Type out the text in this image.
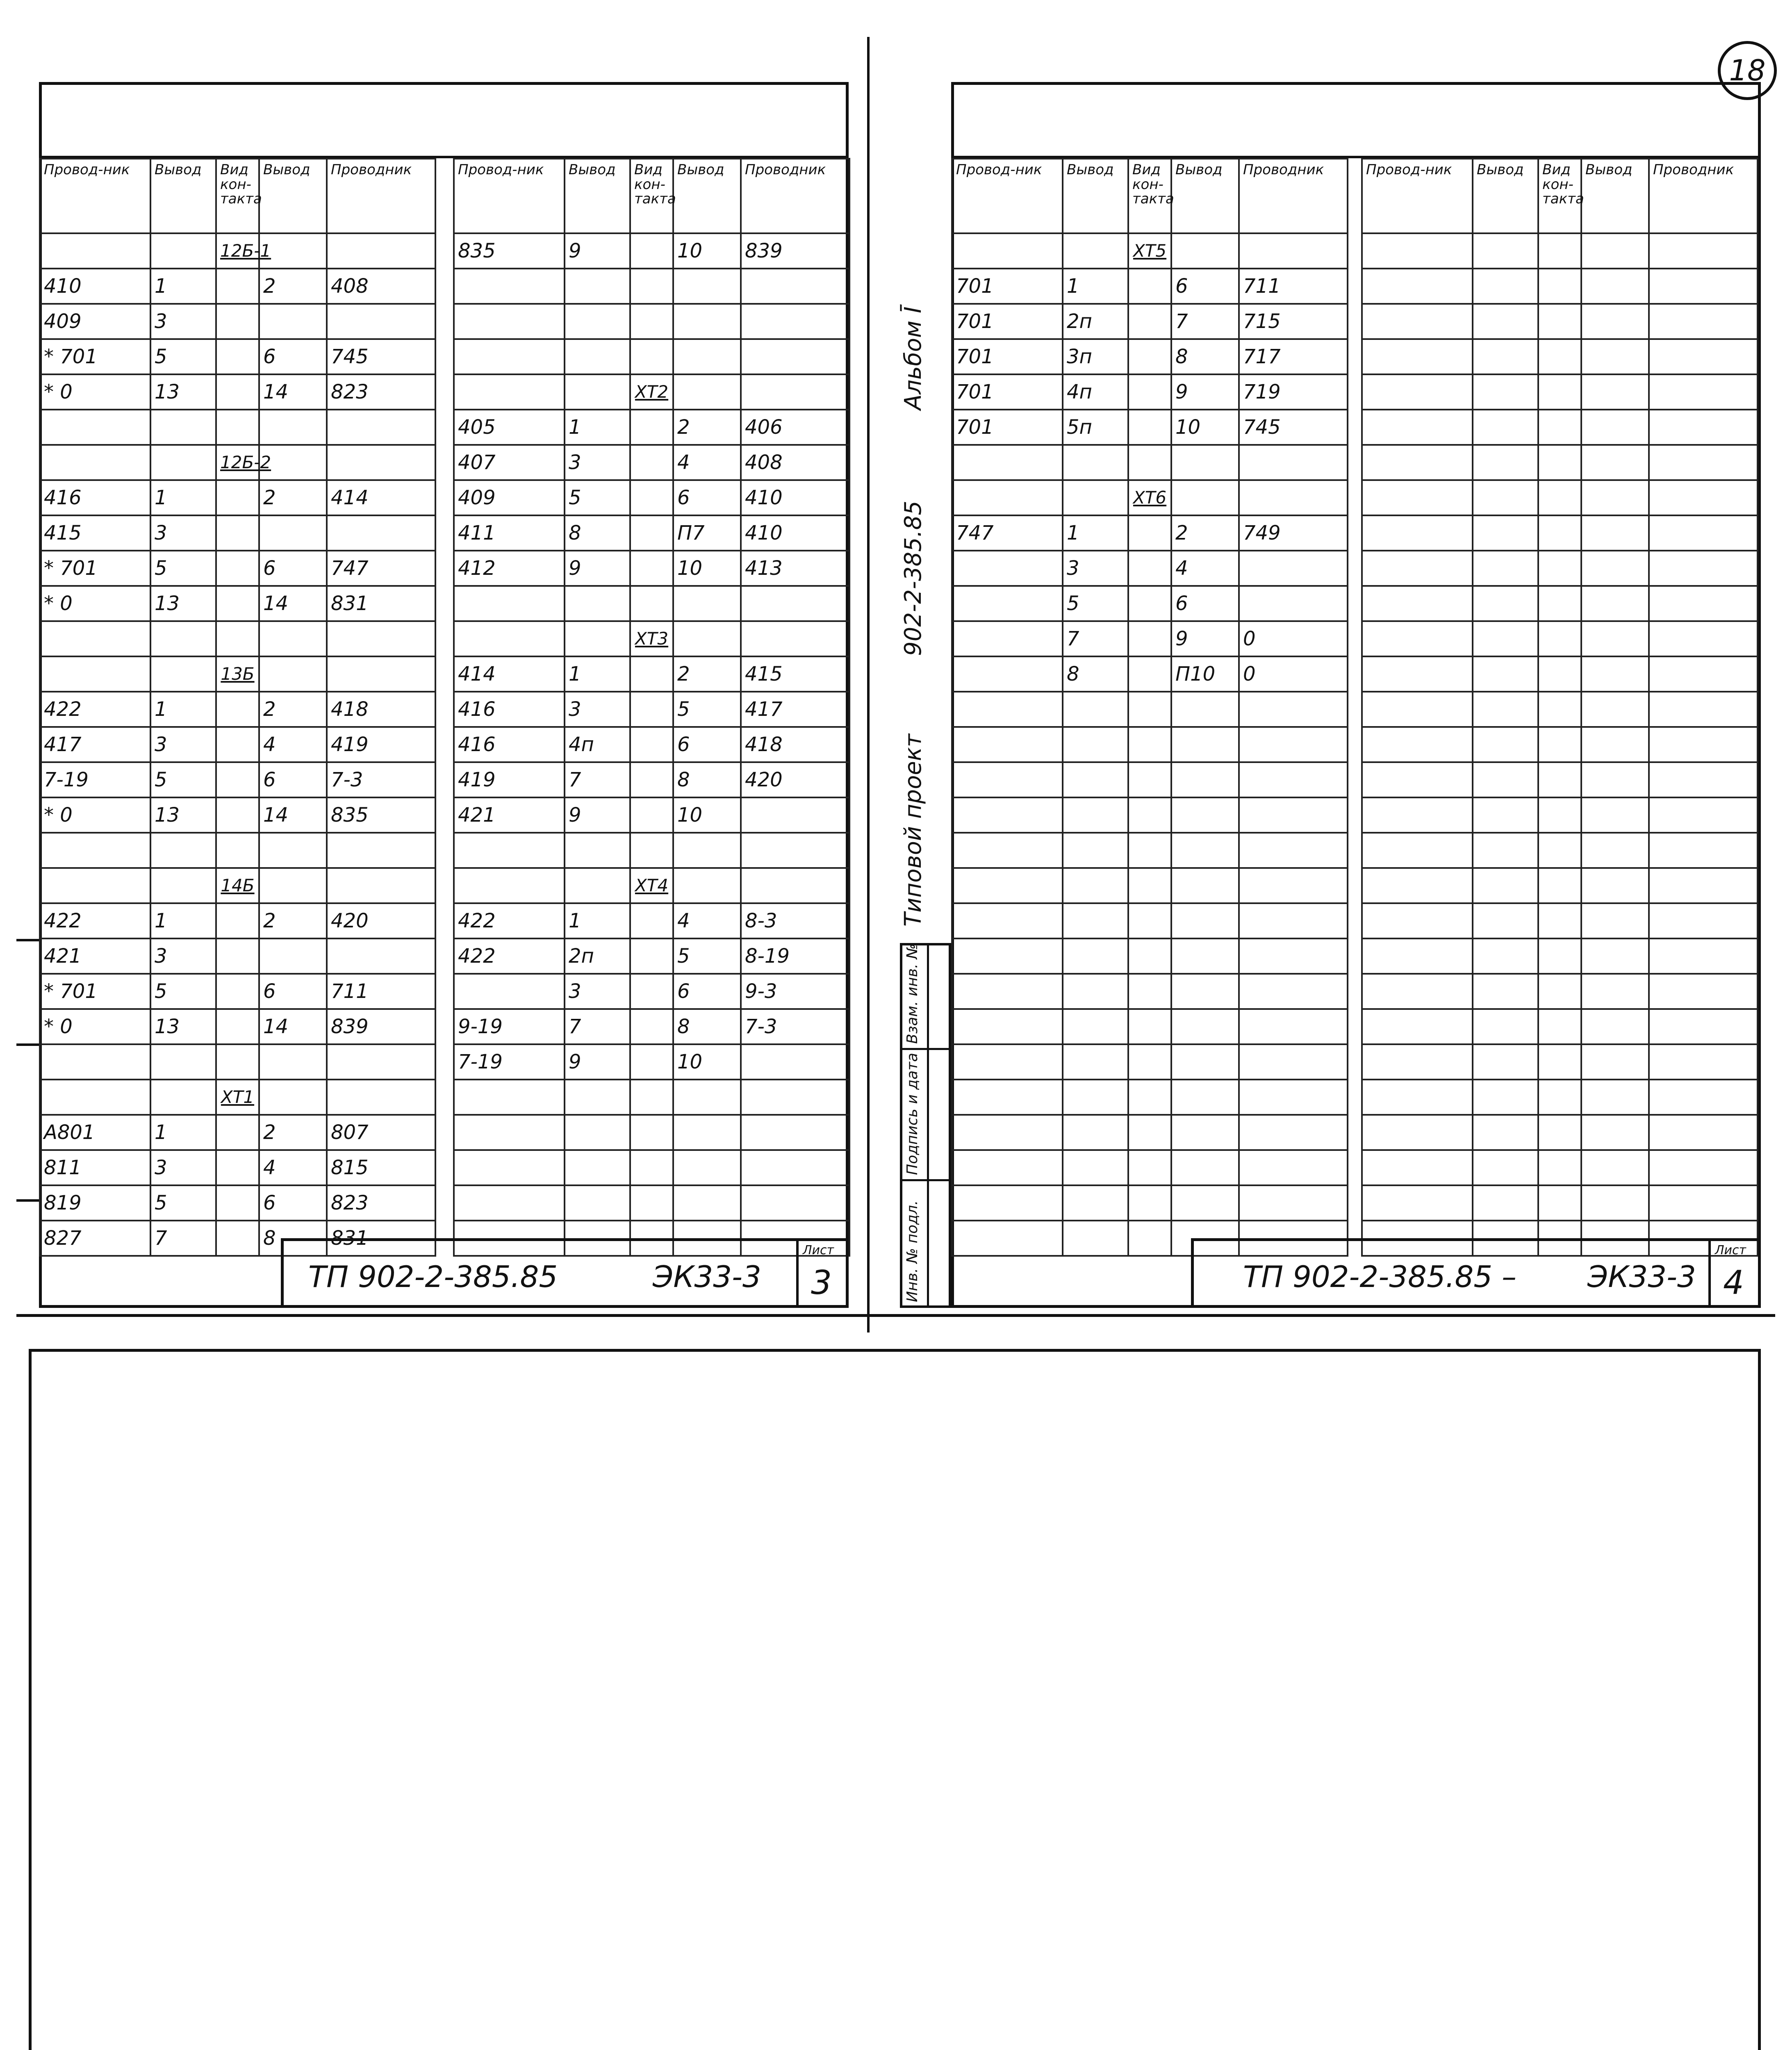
18
Провод-ник	Вывод	Вид кон-такта	Вывод	Проводник
		12Б-1		
410	1		2	408
409	3			
* 701	5		6	745
* 0	13		14	823

		12Б-2		
416	1		2	414
415	3			
* 701	5		6	747
* 0	13		14	831

		13Б		
422	1		2	418
417	3		4	419
7-19	5		6	7-3
* 0	13		14	835

		14Б		
422	1		2	420
421	3			
* 701	5		6	711
* 0	13		14	839

		ХТ1		
А801	1		2	807
811	3		4	815
819	5		6	823
827	7		8	831
Провод-ник	Вывод	Вид кон-такта	Вывод	Проводник
835	9		10	839

		ХТ2		
405	1		2	406
407	3		4	408
409	5		6	410
411	8		П7	410
412	9		10	413

		ХТ3		
414	1		2	415
416	3		5	417
416	4п		6	418
419	7		8	420
421	9		10	

		ХТ4		
422	1		4	8-3
422	2п		5	8-19
	3		6	9-3
9-19	7		8	7-3
7-19	9		10	

ТП 902-2-385.85	ЭК33-3
Лист
3
Альбом Ī
902-2-385.85
Типовой проект
Инв. № подл.
Подпись и дата
Взам. инв. №
Провод-ник	Вывод	Вид кон-такта	Вывод	Проводник
		ХТ5		
701	1		6	711
701	2п		7	715
701	3п		8	717
701	4п		9	719
701	5п		10	745

		ХТ6		
747	1		2	749
	3		4	
	5		6	
	7		9	0
	8		П10	0

Провод-ник	Вывод	Вид кон-такта	Вывод	Проводник

ТП 902-2-385.85 – ЭК33-3
Лист
4
